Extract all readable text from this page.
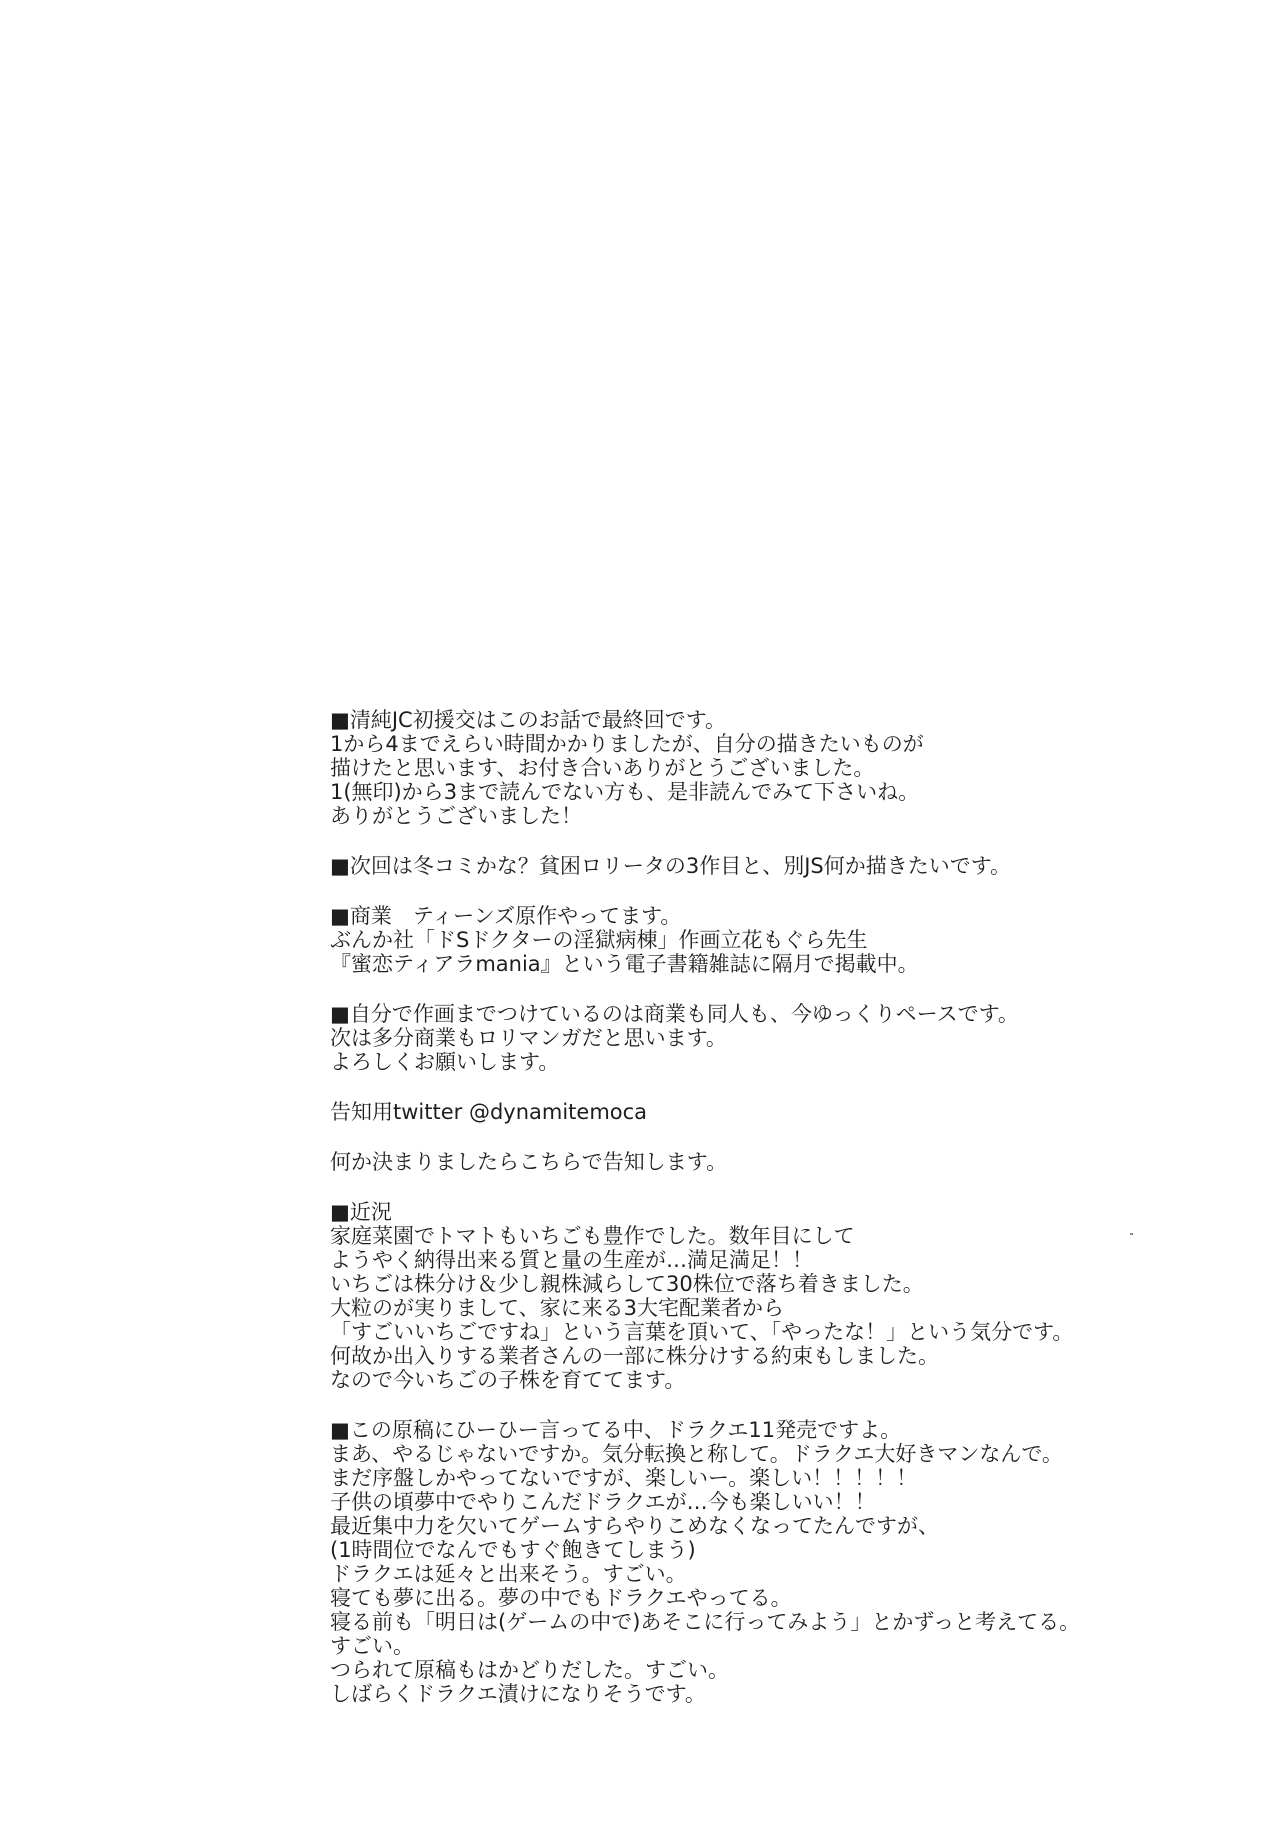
■清純JC初援交はこのお話で最終回です。
1から4までえらい時間かかりましたが、自分の描きたいものが
描けたと思います、お付き合いありがとうございました。
1(無印)から3まで読んでない方も、是非読んでみて下さいね。
ありがとうございました！
■次回は冬コミかな？貧困ロリータの3作目と、別JS何か描きたいです。
■商業　ティーンズ原作やってます。
ぶんか社「ドSドクターの淫獄病棟」作画立花もぐら先生
『蜜恋ティアラmania』という電子書籍雑誌に隔月で掲載中。
■自分で作画までつけているのは商業も同人も、今ゆっくりペースです。
次は多分商業もロリマンガだと思います。
よろしくお願いします。
告知用twitter @dynamitemoca
何か決まりましたらこちらで告知します。
■近況
家庭菜園でトマトもいちごも豊作でした。数年目にして
ようやく納得出来る質と量の生産が…満足満足！！
いちごは株分け＆少し親株減らして30株位で落ち着きました。
大粒のが実りまして、家に来る3大宅配業者から
「すごいいちごですね」という言葉を頂いて、「やったな！」という気分です。
何故か出入りする業者さんの一部に株分けする約束もしました。
なので今いちごの子株を育ててます。
■この原稿にひーひー言ってる中、ドラクエ11発売ですよ。
まあ、やるじゃないですか。気分転換と称して。ドラクエ大好きマンなんで。
まだ序盤しかやってないですが、楽しいー。楽しい！！！！！
子供の頃夢中でやりこんだドラクエが…今も楽しいい！！
最近集中力を欠いてゲームすらやりこめなくなってたんですが、
(1時間位でなんでもすぐ飽きてしまう)
ドラクエは延々と出来そう。すごい。
寝ても夢に出る。夢の中でもドラクエやってる。
寝る前も「明日は(ゲームの中で)あそこに行ってみよう」とかずっと考えてる。
すごい。
つられて原稿もはかどりだした。すごい。
しばらくドラクエ漬けになりそうです。
